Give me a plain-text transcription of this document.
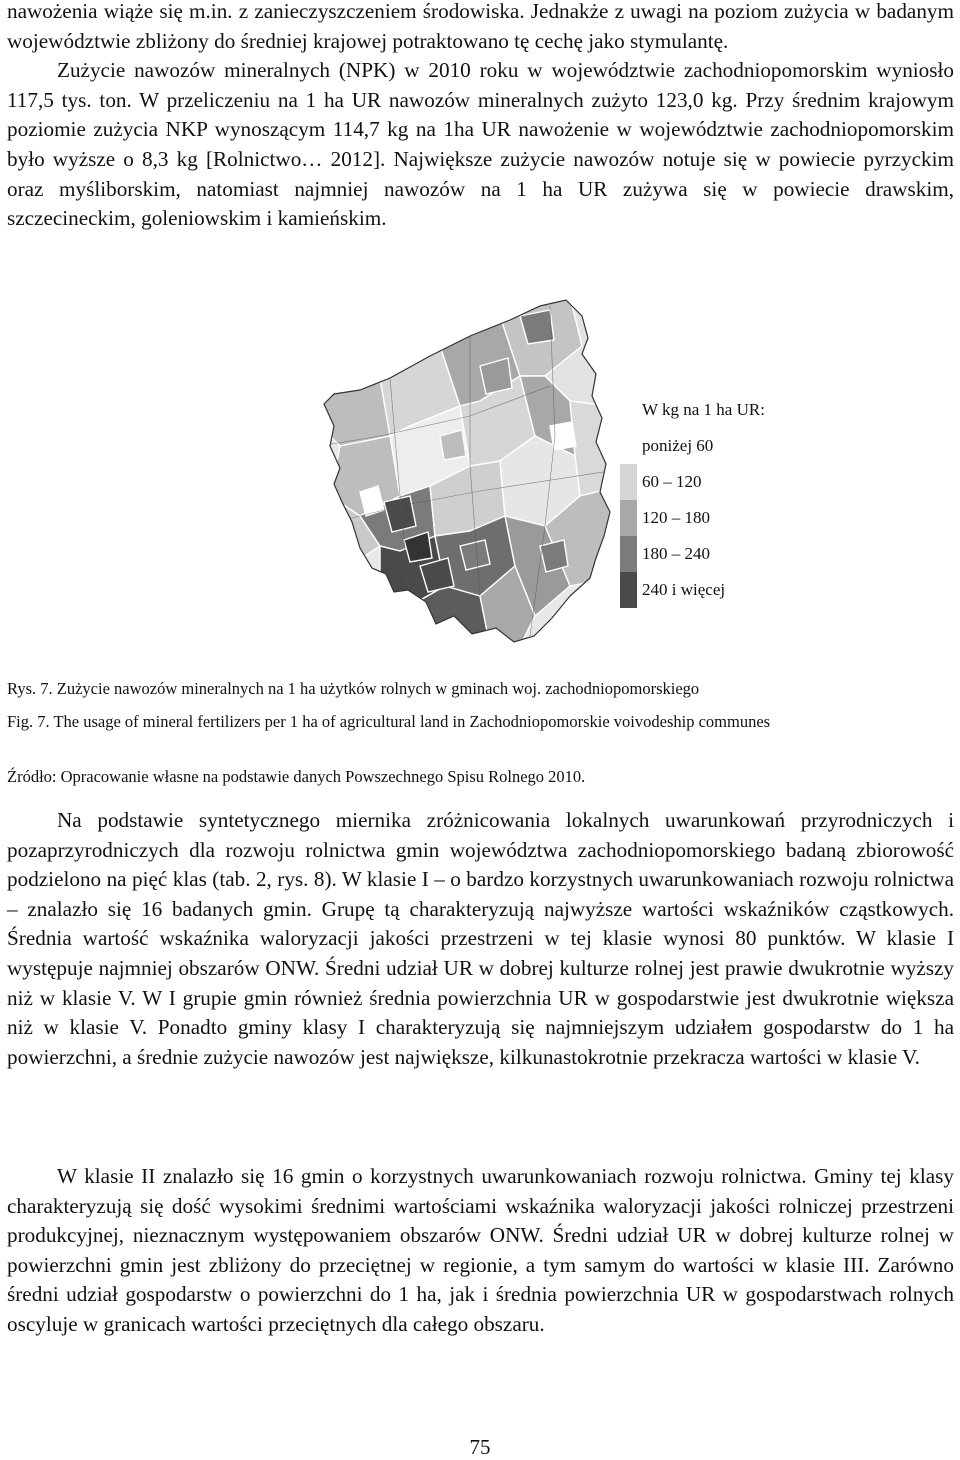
nawożenia wiąże się m.in. z zanieczyszczeniem środowiska. Jednakże z uwagi na poziom zużycia w badanym województwie zbliżony do średniej krajowej potraktowano tę cechę jako stymulantę.
Zużycie nawozów mineralnych (NPK) w 2010 roku w województwie zachodniopomorskim wyniosło 117,5 tys. ton. W przeliczeniu na 1 ha UR nawozów mineralnych zużyto 123,0 kg. Przy średnim krajowym poziomie zużycia NKP wynoszącym 114,7 kg na 1ha UR nawożenie w województwie zachodniopomorskim było wyższe o 8,3 kg [Rolnictwo… 2012]. Największe zużycie nawozów notuje się w powiecie pyrzyckim oraz myśliborskim, natomiast najmniej nawozów na 1 ha UR zużywa się w powiecie drawskim, szczecineckim, goleniowskim i kamieńskim.
W kg na 1 ha UR:
poniżej 60
60 – 120
120 – 180
180 – 240
240 i więcej

Rys. 7. Zużycie nawozów mineralnych na 1 ha użytków rolnych w gminach woj. zachodniopomorskiego

Fig. 7. The usage of mineral fertilizers per 1 ha of agricultural land in Zachodniopomorskie voivodeship communes

Źródło: Opracowanie własne na podstawie danych Powszechnego Spisu Rolnego 2010.

Na podstawie syntetycznego miernika zróżnicowania lokalnych uwarunkowań przyrodniczych i pozaprzyrodniczych dla rozwoju rolnictwa gmin województwa zachodniopomorskiego badaną zbiorowość podzielono na pięć klas (tab. 2, rys. 8). W klasie I – o bardzo korzystnych uwarunkowaniach rozwoju rolnictwa – znalazło się 16 badanych gmin. Grupę tą charakteryzują najwyższe wartości wskaźników cząstkowych. Średnia wartość wskaźnika waloryzacji jakości przestrzeni w tej klasie wynosi 80 punktów. W klasie I występuje najmniej obszarów ONW. Średni udział UR w dobrej kulturze rolnej jest prawie dwukrotnie wyższy niż w klasie V. W I grupie gmin również średnia powierzchnia UR w gospodarstwie jest dwukrotnie większa niż w klasie V. Ponadto gminy klasy I charakteryzują się najmniejszym udziałem gospodarstw do 1 ha powierzchni, a średnie zużycie nawozów jest największe, kilkunastokrotnie przekracza wartości w klasie V.

W klasie II znalazło się 16 gmin o korzystnych uwarunkowaniach rozwoju rolnictwa. Gminy tej klasy charakteryzują się dość wysokimi średnimi wartościami wskaźnika waloryzacji jakości rolniczej przestrzeni produkcyjnej, nieznacznym występowaniem obszarów ONW. Średni udział UR w dobrej kulturze rolnej w powierzchni gmin jest zbliżony do przeciętnej w regionie, a tym samym do wartości w klasie III. Zarówno średni udział gospodarstw o powierzchni do 1 ha, jak i średnia powierzchnia UR w gospodarstwach rolnych oscyluje w granicach wartości przeciętnych dla całego obszaru.

75
